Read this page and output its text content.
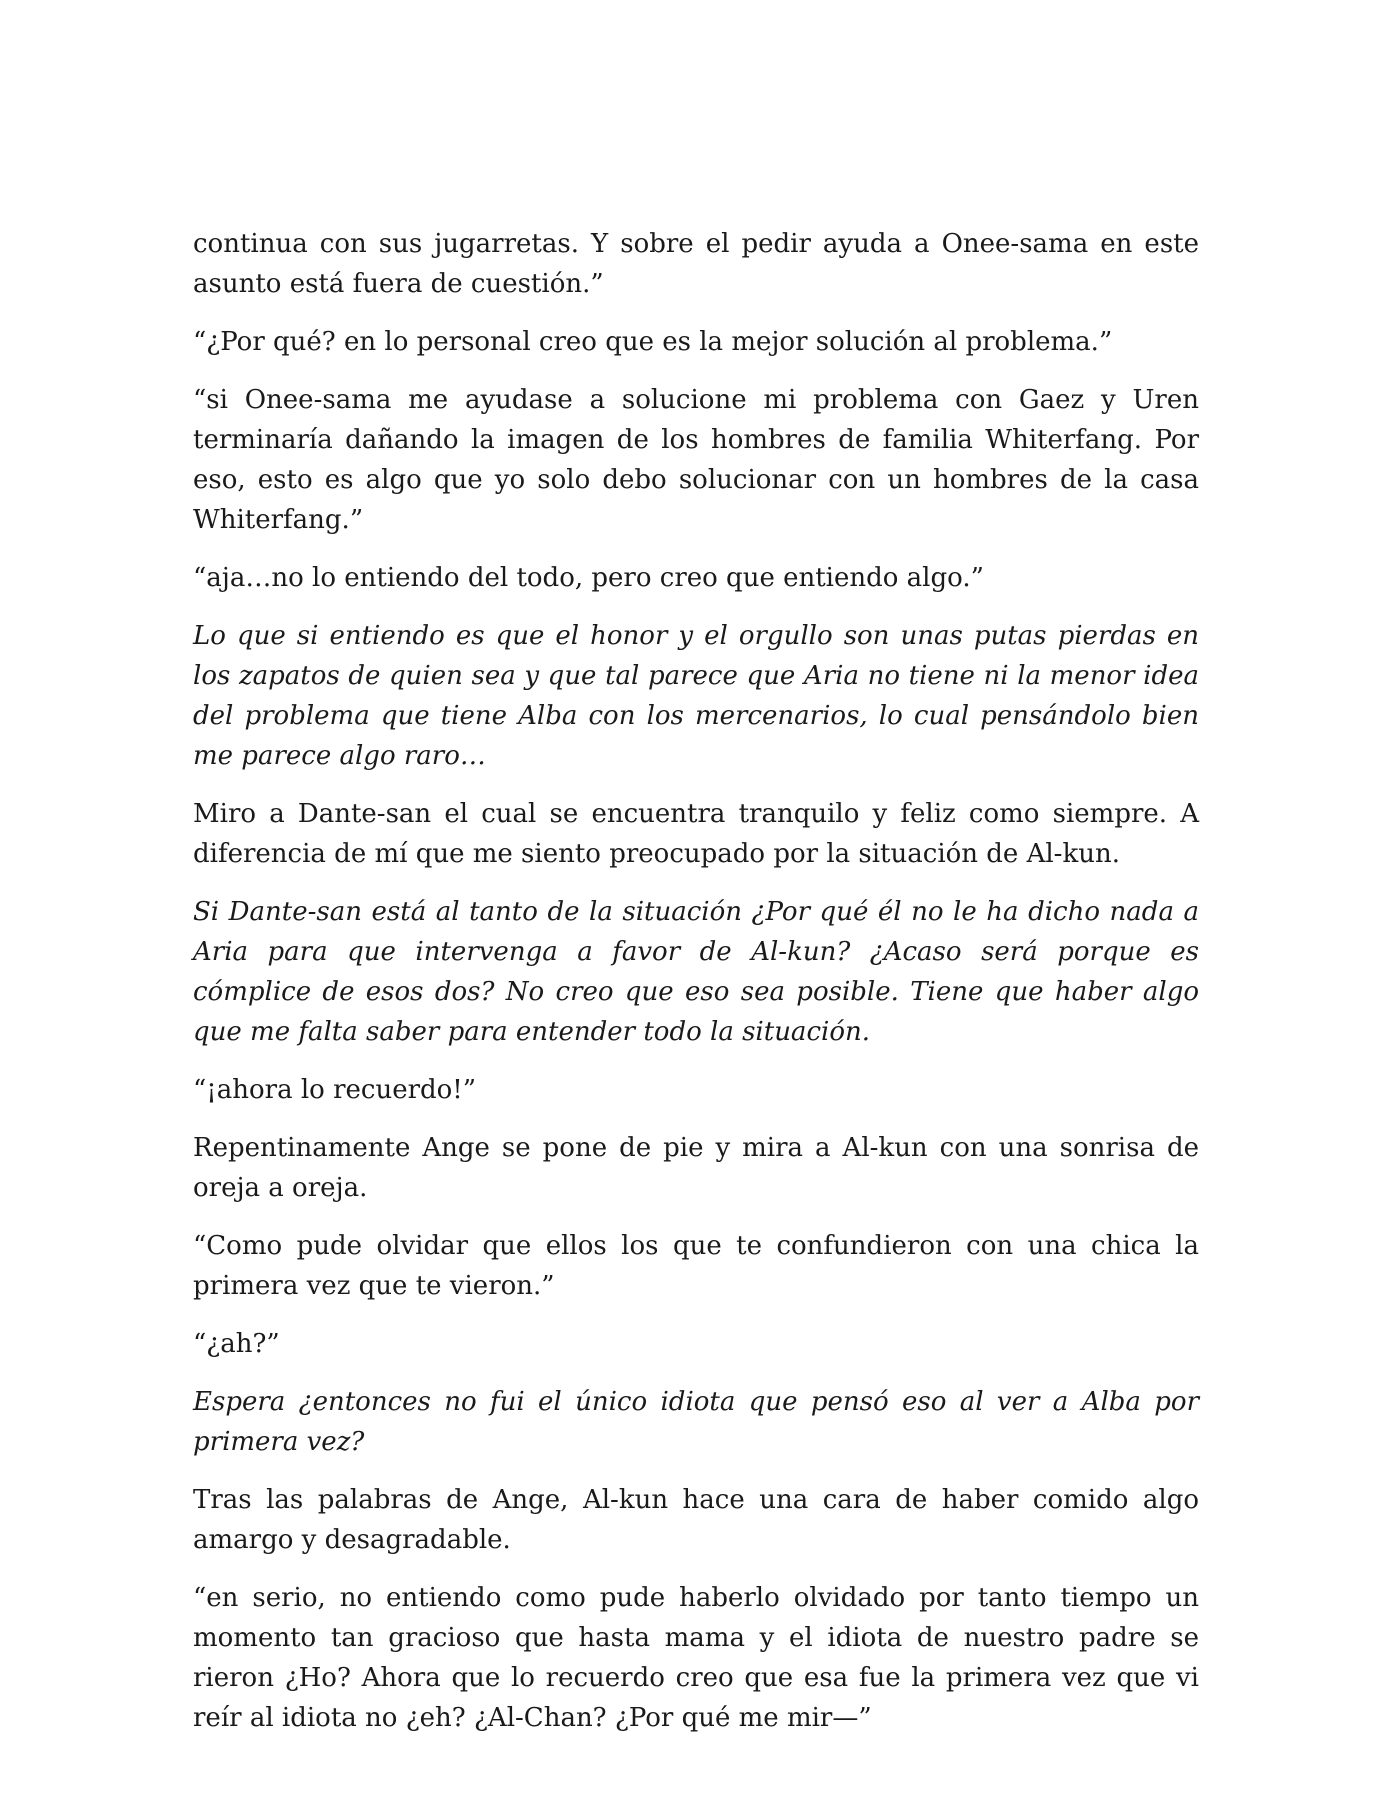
continua con sus jugarretas. Y sobre el pedir ayuda a Onee-sama en este asunto está fuera de cuestión.”

“¿Por qué? en lo personal creo que es la mejor solución al problema.”

“si Onee-sama me ayudase a solucione mi problema con Gaez y Uren terminaría dañando la imagen de los hombres de familia Whiterfang. Por eso, esto es algo que yo solo debo solucionar con un hombres de la casa Whiterfang.”

“aja…no lo entiendo del todo, pero creo que entiendo algo.”

Lo que si entiendo es que el honor y el orgullo son unas putas pierdas en los zapatos de quien sea y que tal parece que Aria no tiene ni la menor idea del problema que tiene Alba con los mercenarios, lo cual pensándolo bien me parece algo raro…

Miro a Dante-san el cual se encuentra tranquilo y feliz como siempre. A diferencia de mí que me siento preocupado por la situación de Al-kun.

Si Dante-san está al tanto de la situación ¿Por qué él no le ha dicho nada a Aria para que intervenga a favor de Al-kun? ¿Acaso será porque es cómplice de esos dos? No creo que eso sea posible. Tiene que haber algo que me falta saber para entender todo la situación.

“¡ahora lo recuerdo!”

Repentinamente Ange se pone de pie y mira a Al-kun con una sonrisa de oreja a oreja.

“Como pude olvidar que ellos los que te confundieron con una chica la primera vez que te vieron.”

“¿ah?”

Espera ¿entonces no fui el único idiota que pensó eso al ver a Alba por primera vez?

Tras las palabras de Ange, Al-kun hace una cara de haber comido algo amargo y desagradable.

“en serio, no entiendo como pude haberlo olvidado por tanto tiempo un momento tan gracioso que hasta mama y el idiota de nuestro padre se rieron ¿Ho? Ahora que lo recuerdo creo que esa fue la primera vez que vi reír al idiota no ¿eh? ¿Al-Chan? ¿Por qué me mir—”
